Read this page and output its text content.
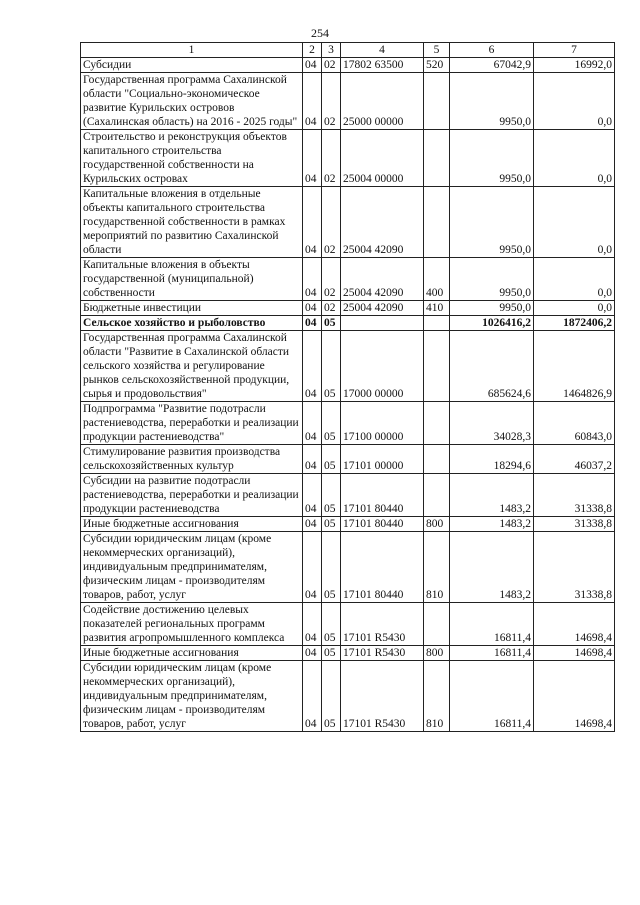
254
1	2	3	4	5	6	7
Субсидии	04	02	17802 63500	520	67042,9	16992,0
Государственная программа Сахалинской области "Социально-экономическое развитие Курильских островов (Сахалинская область) на 2016 - 2025 годы"	04	02	25000 00000		9950,0	0,0
Строительство и реконструкция объектов капитального строительства государственной собственности на Курильских островах	04	02	25004 00000		9950,0	0,0
Капитальные вложения в отдельные объекты капитального строительства государственной собственности в рамках мероприятий по развитию Сахалинской области	04	02	25004 42090		9950,0	0,0
Капитальные вложения в объекты государственной (муниципальной) собственности	04	02	25004 42090	400	9950,0	0,0
Бюджетные инвестиции	04	02	25004 42090	410	9950,0	0,0
Сельское хозяйство и рыболовство	04	05			1026416,2	1872406,2
Государственная программа Сахалинской области "Развитие в Сахалинской области сельского хозяйства и регулирование рынков сельскохозяйственной продукции, сырья и продовольствия"	04	05	17000 00000		685624,6	1464826,9
Подпрограмма "Развитие подотрасли растениеводства, переработки и реализации продукции растениеводства"	04	05	17100 00000		34028,3	60843,0
Стимулирование развития производства сельскохозяйственных культур	04	05	17101 00000		18294,6	46037,2
Субсидии на развитие подотрасли растениеводства, переработки и реализации продукции растениеводства	04	05	17101 80440		1483,2	31338,8
Иные бюджетные ассигнования	04	05	17101 80440	800	1483,2	31338,8
Субсидии юридическим лицам (кроме некоммерческих организаций), индивидуальным предпринимателям, физическим лицам - производителям товаров, работ, услуг	04	05	17101 80440	810	1483,2	31338,8
Содействие достижению целевых показателей региональных программ развития агропромышленного комплекса	04	05	17101 R5430		16811,4	14698,4
Иные бюджетные ассигнования	04	05	17101 R5430	800	16811,4	14698,4
Субсидии юридическим лицам (кроме некоммерческих организаций), индивидуальным предпринимателям, физическим лицам - производителям товаров, работ, услуг	04	05	17101 R5430	810	16811,4	14698,4
